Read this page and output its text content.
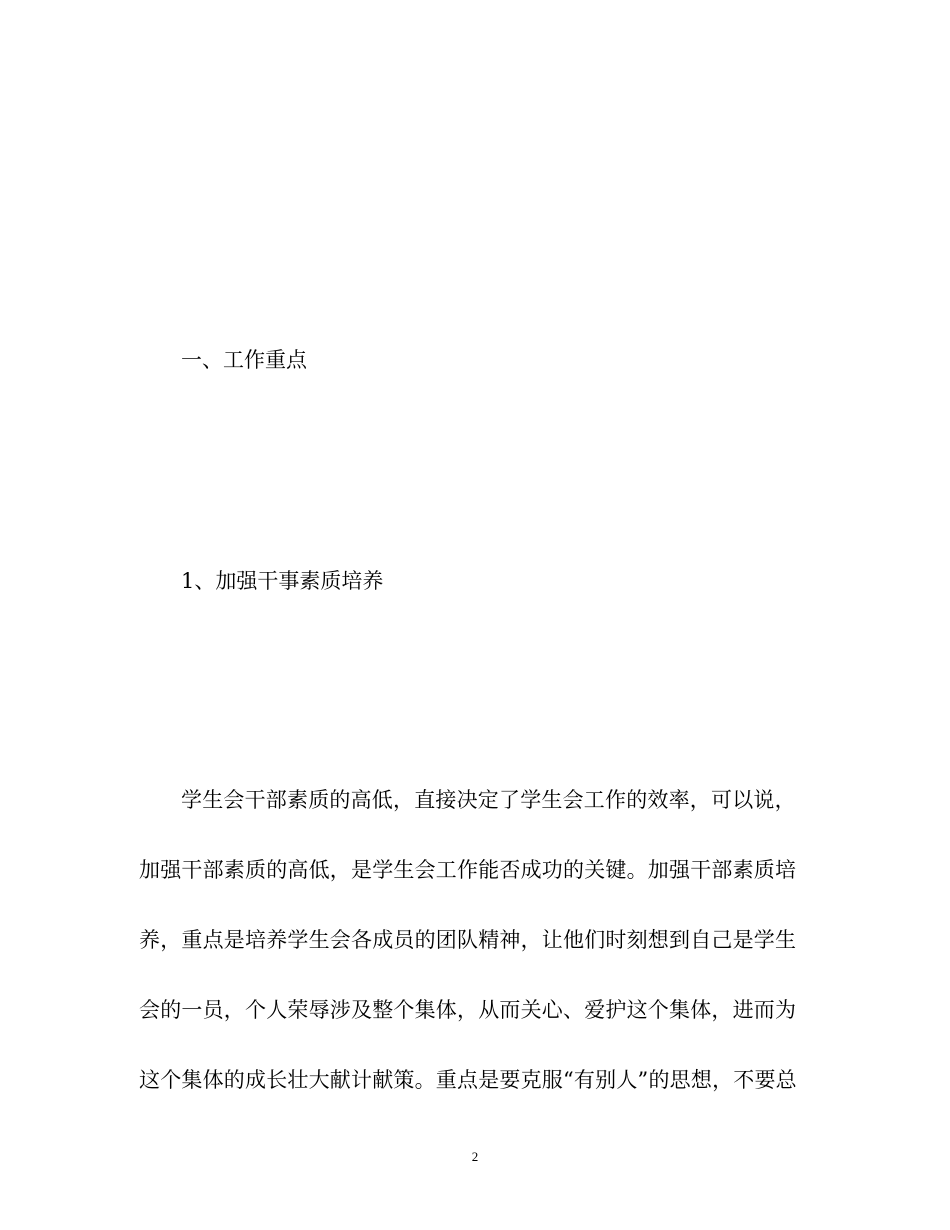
一、工作重点
1、加强干事素质培养
学生会干部素质的高低，直接决定了学生会工作的效率，可以说，
加强干部素质的高低，是学生会工作能否成功的关键。加强干部素质培
养，重点是培养学生会各成员的团队精神，让他们时刻想到自己是学生
会的一员，个人荣辱涉及整个集体，从而关心、爱护这个集体，进而为
这个集体的成长壮大献计献策。重点是要克服“有别人”的思想，不要总
2
